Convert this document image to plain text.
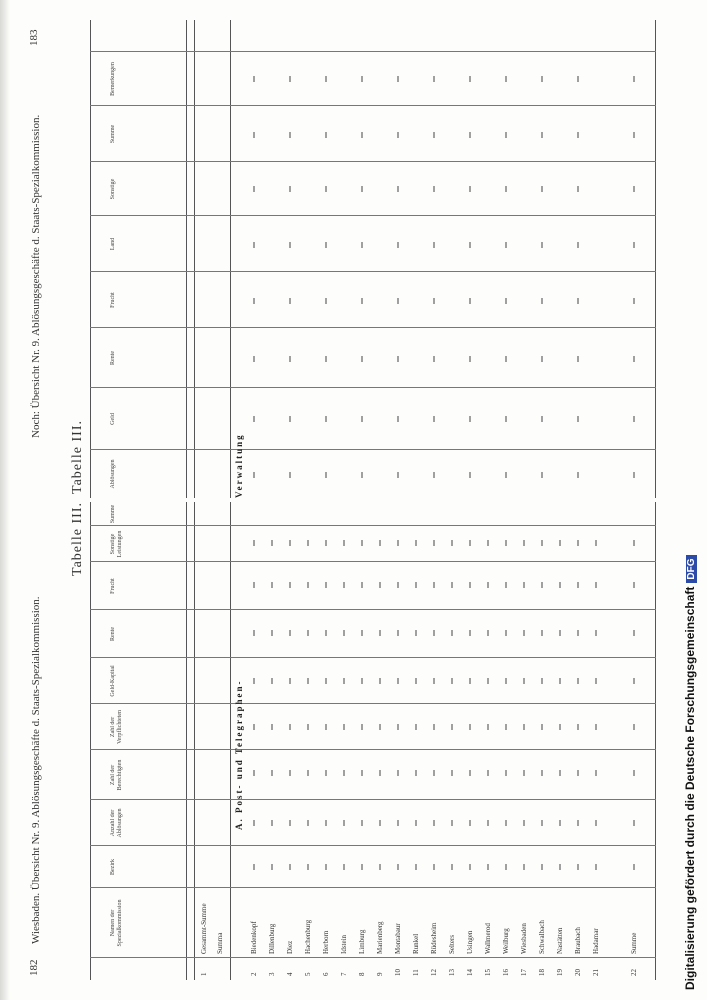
182
Wiesbaden. Übersicht Nr. 9. Ablösungsgeschäfte d. Staats-Spezialkommission.
Tabelle III.
Namen der Spezialkommission
Bezirk
Anzahl der Ablösungen
Zahl der Berechtigten
Zahl der Verpflichteten
Geld-Kapital
Rente
Frucht
Sonstige Leistungen
Summe
A. Post- und Telegraphen-
1
Gesammt-Summe Summa
2
Biedenkopf
3
Dillenburg
4
Diez
5
Hachenburg
6
Herborn
7
Idstein
8
Limburg
9
Marienberg
10
Montabaur
11
Runkel
12
Rüdesheim
13
Selters
14
Usingen
15
Wallmerod
16
Weilburg
17
Wiesbaden
18
Schwalbach
19
Nastätten
20
Braubach
21
Hadamar
22
Summe
Noch: Übersicht Nr. 9. Ablösungsgeschäfte d. Staats-Spezialkommission.
183
Tabelle III.	Ablösungen
Geld
Rente
Frucht
Land
Sonstige
Summe
Bemerkungen
Verwaltung
Digitalisierung gefördert durch die Deutsche ForschungsgemeinschaftDFG
